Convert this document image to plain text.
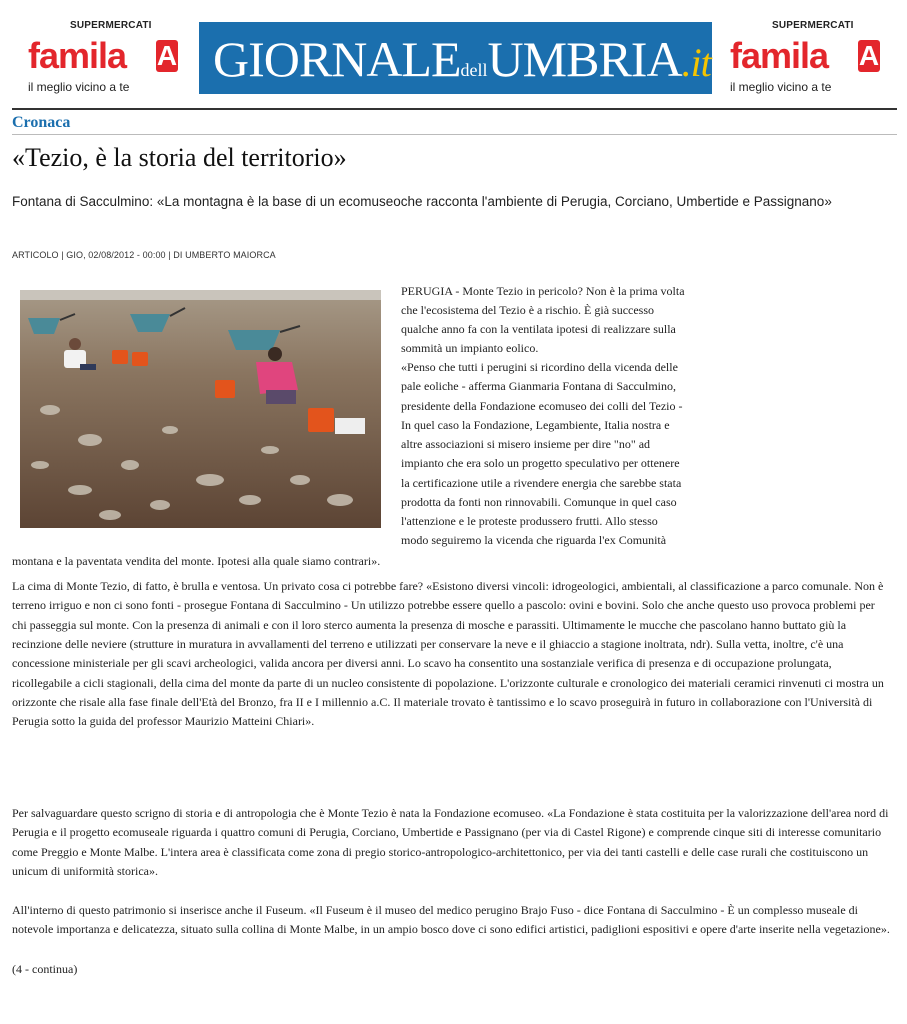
SUPERMERCATI
famila A
il meglio vicino a te GIORNALEdellUMBRIA.it
SUPERMERCATI
famila A
il meglio vicino a te
Cronaca
«Tezio, è la storia del territorio»
Fontana di Sacculmino: «La montagna è la base di un ecomuseoche racconta l'ambiente di Perugia, Corciano, Umbertide e Passignano»
ARTICOLO | GIO, 02/08/2012 - 00:00 | DI UMBERTO MAIORCA

PERUGIA - Monte Tezio in pericolo? Non è la prima volta

che l'ecosistema del Tezio è a rischio. È già successo

qualche anno fa con la ventilata ipotesi di realizzare sulla

sommità un impianto eolico.

«Penso che tutti i perugini si ricordino della vicenda delle

pale eoliche - afferma Gianmaria Fontana di Sacculmino,

presidente della Fondazione ecomuseo dei colli del Tezio -

In quel caso la Fondazione, Legambiente, Italia nostra e

altre associazioni si misero insieme per dire "no" ad

impianto che era solo un progetto speculativo per ottenere

la certificazione utile a rivendere energia che sarebbe stata

prodotta da fonti non rinnovabili. Comunque in quel caso

l'attenzione e le proteste produssero frutti. Allo stesso

modo seguiremo la vicenda che riguarda l'ex Comunità

montana e la paventata vendita del monte. Ipotesi alla quale siamo contrari».

La cima di Monte Tezio, di fatto, è brulla e ventosa. Un privato cosa ci potrebbe fare? «Esistono diversi vincoli: idrogeologici, ambientali, al classificazione a parco comunale. Non è terreno irriguo e non ci sono fonti - prosegue Fontana di Sacculmino - Un utilizzo potrebbe essere quello a pascolo: ovini e bovini. Solo che anche questo uso provoca problemi per chi passeggia sul monte. Con la presenza di animali e con il loro sterco aumenta la presenza di mosche e parassiti. Ultimamente le mucche che pascolano hanno buttato giù la recinzione delle neviere (strutture in muratura in avvallamenti del terreno e utilizzati per conservare la neve e il ghiaccio a stagione inoltrata, ndr). Sulla vetta, inoltre, c'è una concessione ministeriale per gli scavi archeologici, valida ancora per diversi anni. Lo scavo ha consentito una sostanziale verifica di presenza e di occupazione prolungata, ricollegabile a cicli stagionali, della cima del monte da parte di un nucleo consistente di popolazione. L'orizzonte culturale e cronologico dei materiali ceramici rinvenuti ci mostra un orizzonte che risale alla fase finale dell'Età del Bronzo, fra II e I millennio a.C. Il materiale trovato è tantissimo e lo scavo proseguirà in futuro in collaborazione con l'Università di Perugia sotto la guida del professor Maurizio Matteini Chiari».

Per salvaguardare questo scrigno di storia e di antropologia che è Monte Tezio è nata la Fondazione ecomuseo. «La Fondazione è stata costituita per la valorizzazione dell'area nord di Perugia e il progetto ecomuseale riguarda i quattro comuni di Perugia, Corciano, Umbertide e Passignano (per via di Castel Rigone) e comprende cinque siti di interesse comunitario come Preggio e Monte Malbe. L'intera area è classificata come zona di pregio storico-antropologico-architettonico, per via dei tanti castelli e delle case rurali che costituiscono un unicum di uniformità storica».

All'interno di questo patrimonio si inserisce anche il Fuseum. «Il Fuseum è il museo del medico perugino Brajo Fuso - dice Fontana di Sacculmino - È un complesso museale di notevole importanza e delicatezza, situato sulla collina di Monte Malbe, in un ampio bosco dove ci sono edifici artistici, padiglioni espositivi e opere d'arte inserite nella vegetazione».

(4 - continua)
